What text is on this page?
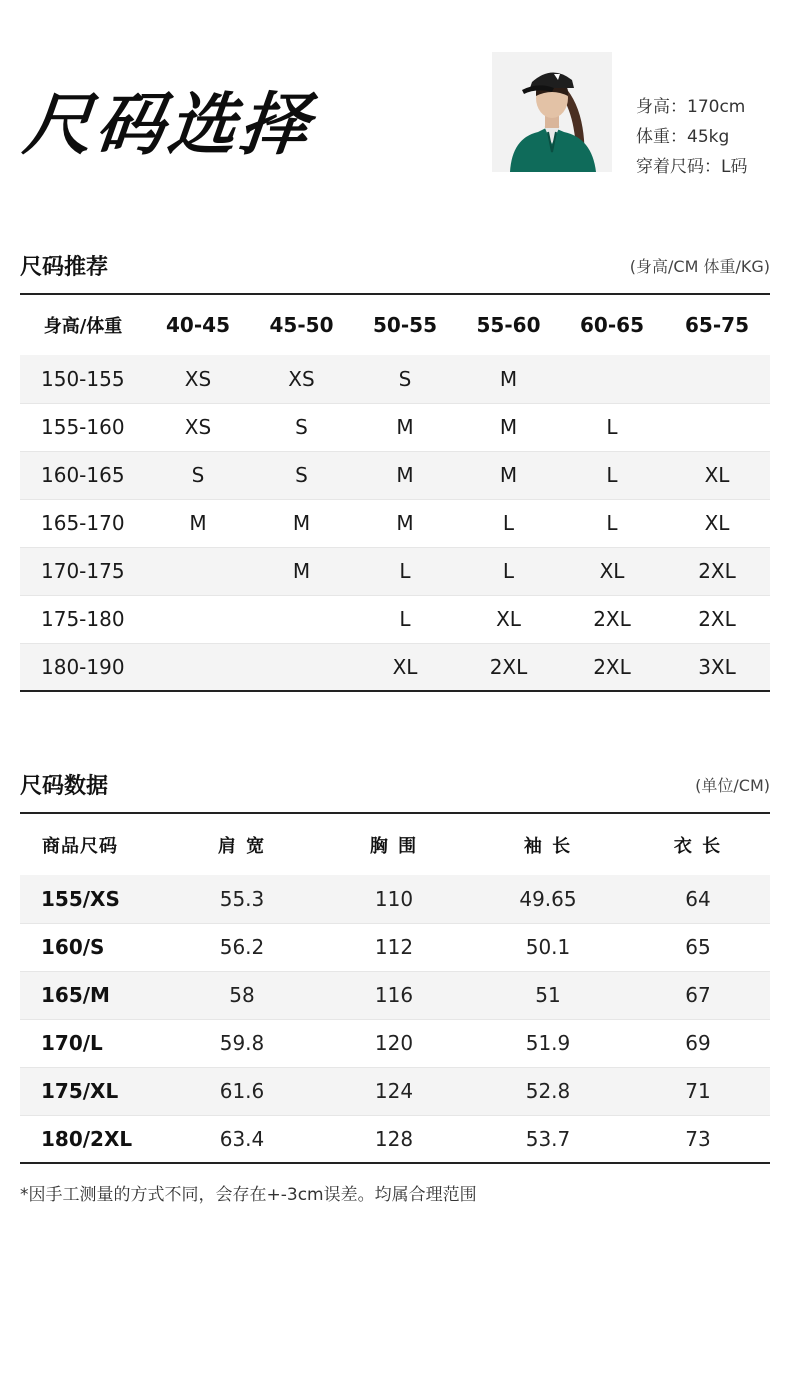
尺码选择	身高：170cm
体重：45kg
穿着尺码：L码
尺码推荐	(身高/CM 体重/KG)
身高/体重	40-45	45-50	50-55	55-60	60-65	65-75
150-155	XS	XS	S	M		
155-160	XS	S	M	M	L	
160-165	S	S	M	M	L	XL
165-170	M	M	M	L	L	XL
170-175		M	L	L	XL	2XL
175-180			L	XL	2XL	2XL
180-190			XL	2XL	2XL	3XL
尺码数据	(单位/CM)
商品尺码	肩 宽	胸 围	袖 长	衣 长
155/XS	55.3	110	49.65	64
160/S	56.2	112	50.1	65
165/M	58	116	51	67
170/L	59.8	120	51.9	69
175/XL	61.6	124	52.8	71
180/2XL	63.4	128	53.7	73
*因手工测量的方式不同，会存在+-3cm误差。均属合理范围
